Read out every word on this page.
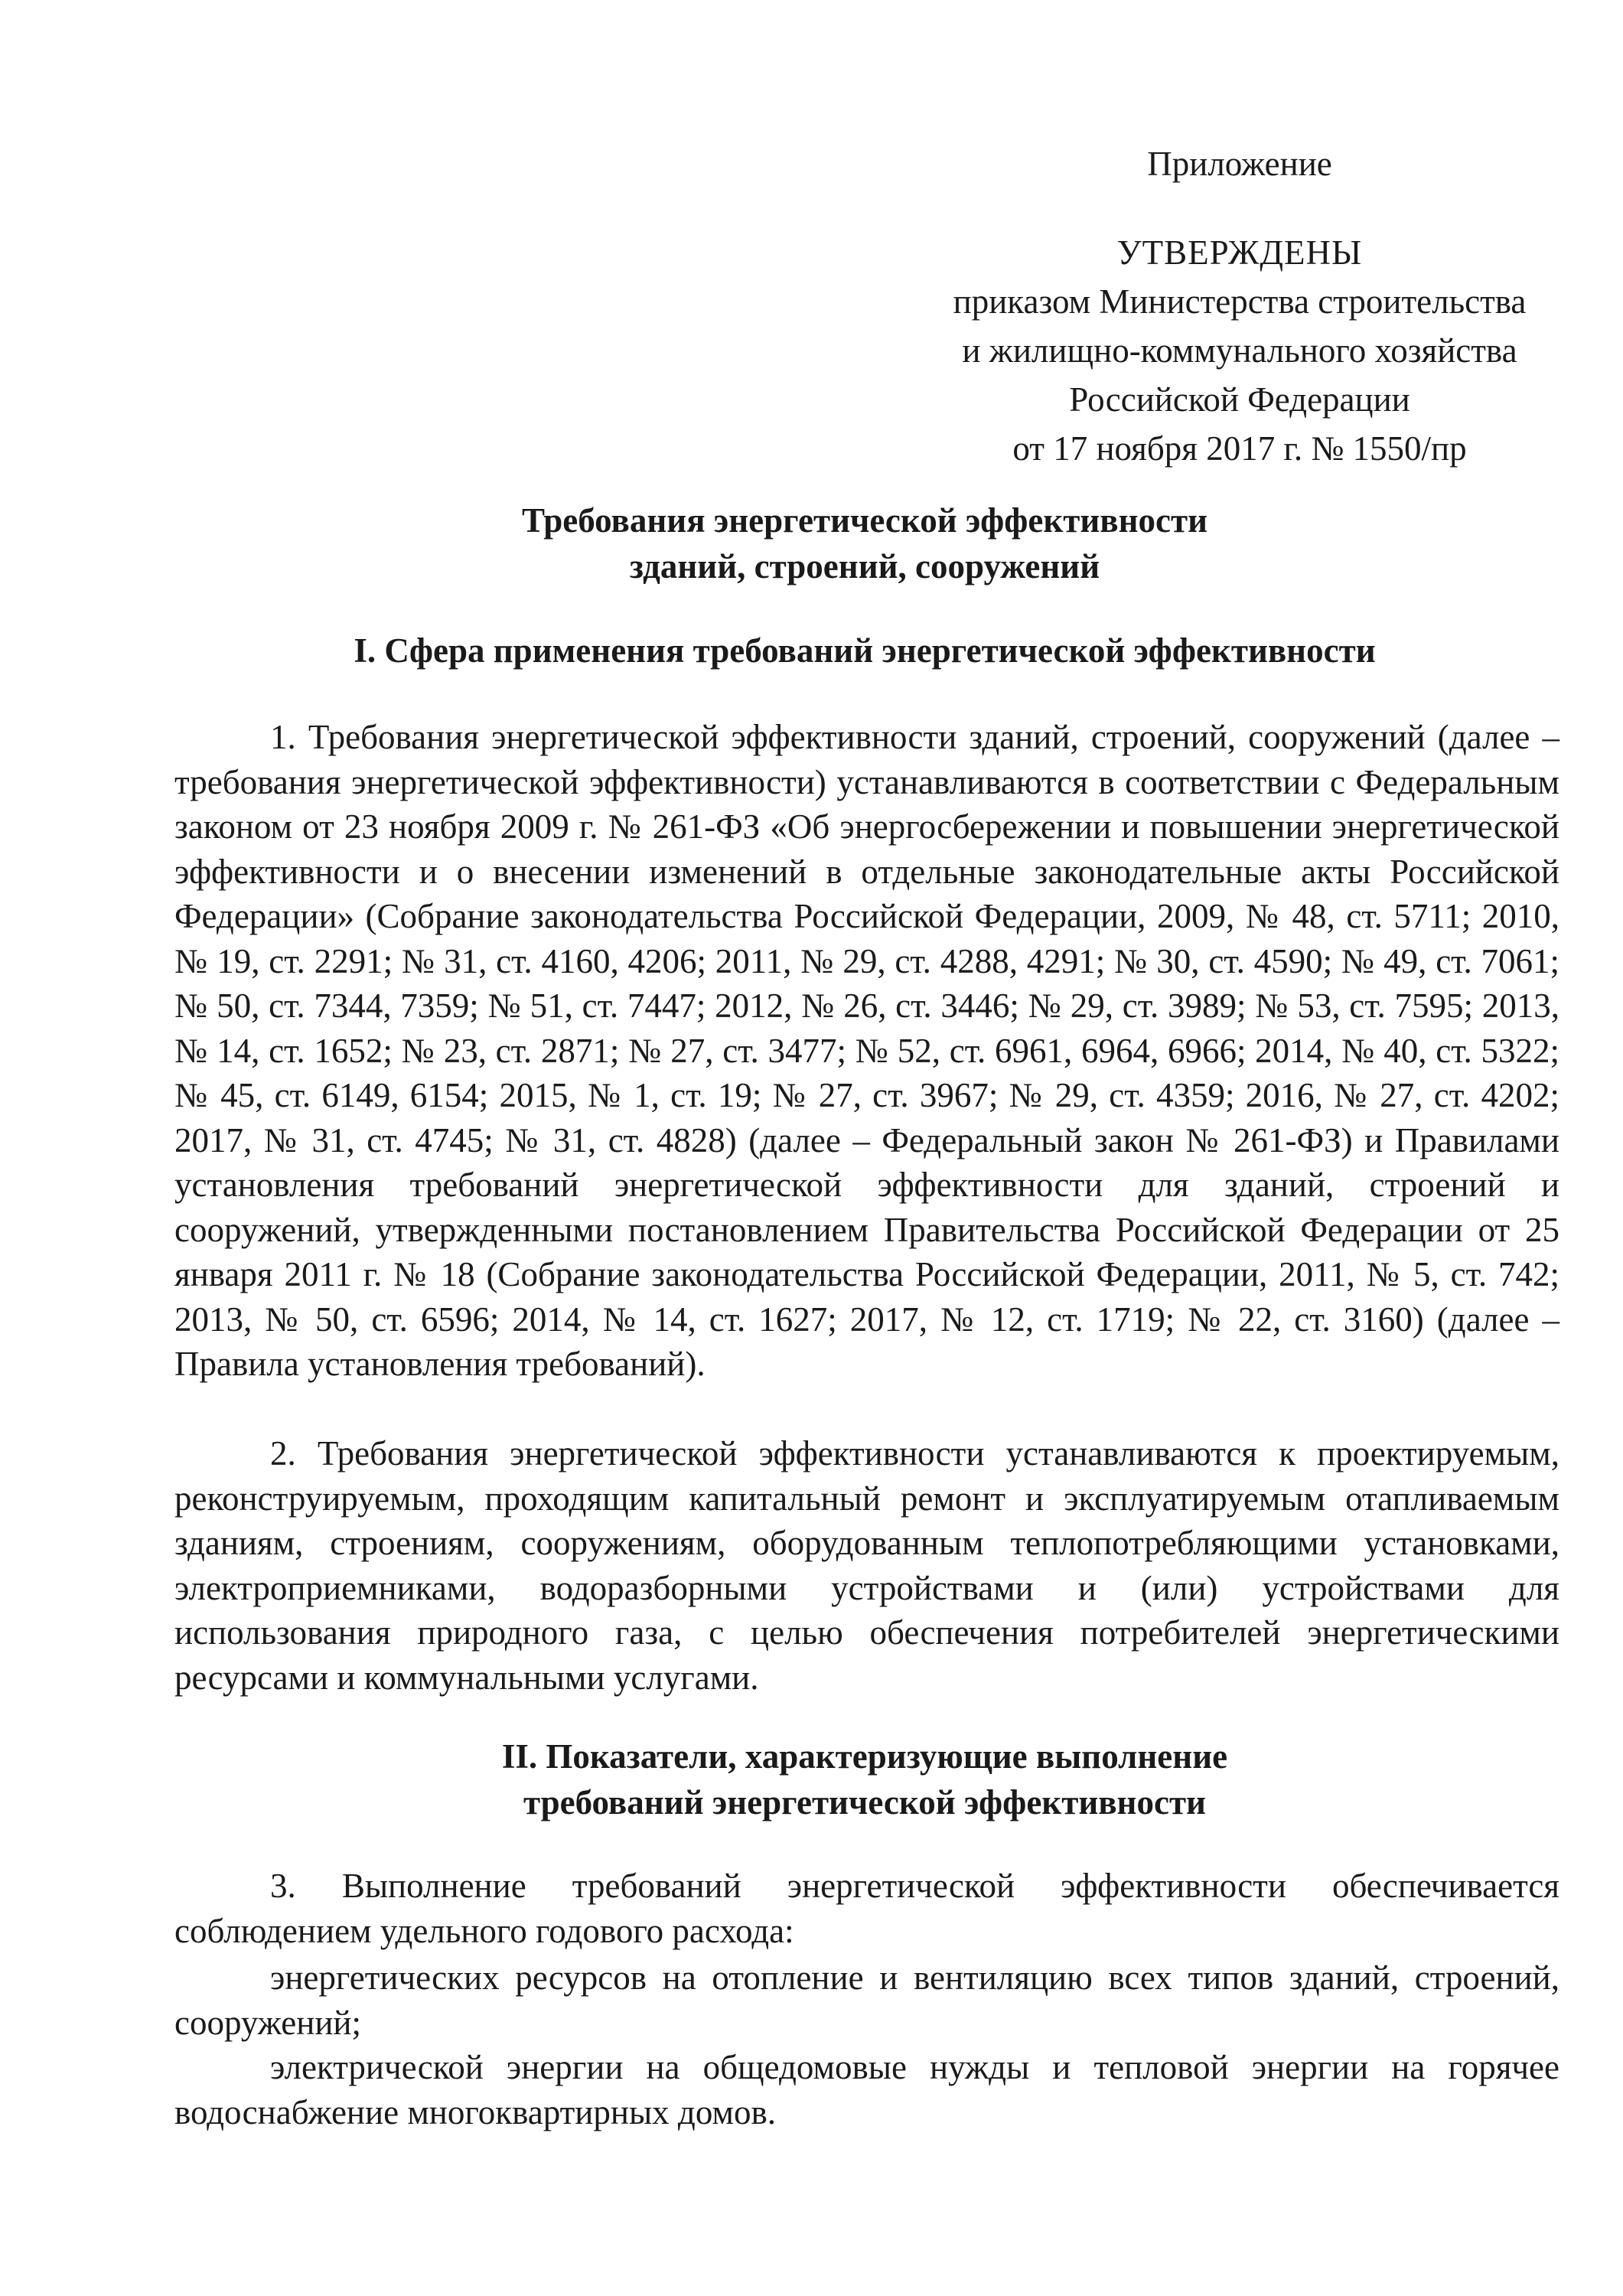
Приложение
УТВЕРЖДЕНЫ
приказом Министерства строительства
и жилищно-коммунального хозяйства
Российской Федерации
от 17 ноября 2017 г. № 1550/пр
Требования энергетической эффективности
зданий, строений, сооружений
I. Сфера применения требований энергетической эффективности
1. Требования энергетической эффективности зданий, строений, сооружений (далее – требования энергетической эффективности) устанавливаются в соответствии с Федеральным законом от 23 ноября 2009 г. № 261-ФЗ «Об энергосбережении и повышении энергетической эффективности и о внесении изменений в отдельные законодательные акты Российской Федерации» (Собрание законодательства Российской Федерации, 2009, № 48, ст. 5711; 2010, № 19, ст. 2291; № 31, ст. 4160, 4206; 2011, № 29, ст. 4288, 4291; № 30, ст. 4590; № 49, ст. 7061; № 50, ст. 7344, 7359; № 51, ст. 7447; 2012, № 26, ст. 3446; № 29, ст. 3989; № 53, ст. 7595; 2013, № 14, ст. 1652; № 23, ст. 2871; № 27, ст. 3477; № 52, ст. 6961, 6964, 6966; 2014, № 40, ст. 5322; № 45, ст. 6149, 6154; 2015, № 1, ст. 19; № 27, ст. 3967; № 29, ст. 4359; 2016, № 27, ст. 4202; 2017, № 31, ст. 4745; № 31, ст. 4828) (далее – Федеральный закон № 261-ФЗ) и Правилами установления требований энергетической эффективности для зданий, строений и сооружений, утвержденными постановлением Правительства Российской Федерации от 25 января 2011 г. № 18 (Собрание законодательства Российской Федерации, 2011, № 5, ст. 742; 2013, № 50, ст. 6596; 2014, № 14, ст. 1627; 2017, № 12, ст. 1719; № 22, ст. 3160) (далее – Правила установления требований).
2. Требования энергетической эффективности устанавливаются к проектируемым, реконструируемым, проходящим капитальный ремонт и эксплуатируемым отапливаемым зданиям, строениям, сооружениям, оборудованным теплопотребляющими установками, электроприемниками, водоразборными устройствами и (или) устройствами для использования природного газа, с целью обеспечения потребителей энергетическими ресурсами и коммунальными услугами.
II. Показатели, характеризующие выполнение
требований энергетической эффективности
3. Выполнение требований энергетической эффективности обеспечивается соблюдением удельного годового расхода:
энергетических ресурсов на отопление и вентиляцию всех типов зданий, строений, сооружений;
электрической энергии на общедомовые нужды и тепловой энергии на горячее водоснабжение многоквартирных домов.
